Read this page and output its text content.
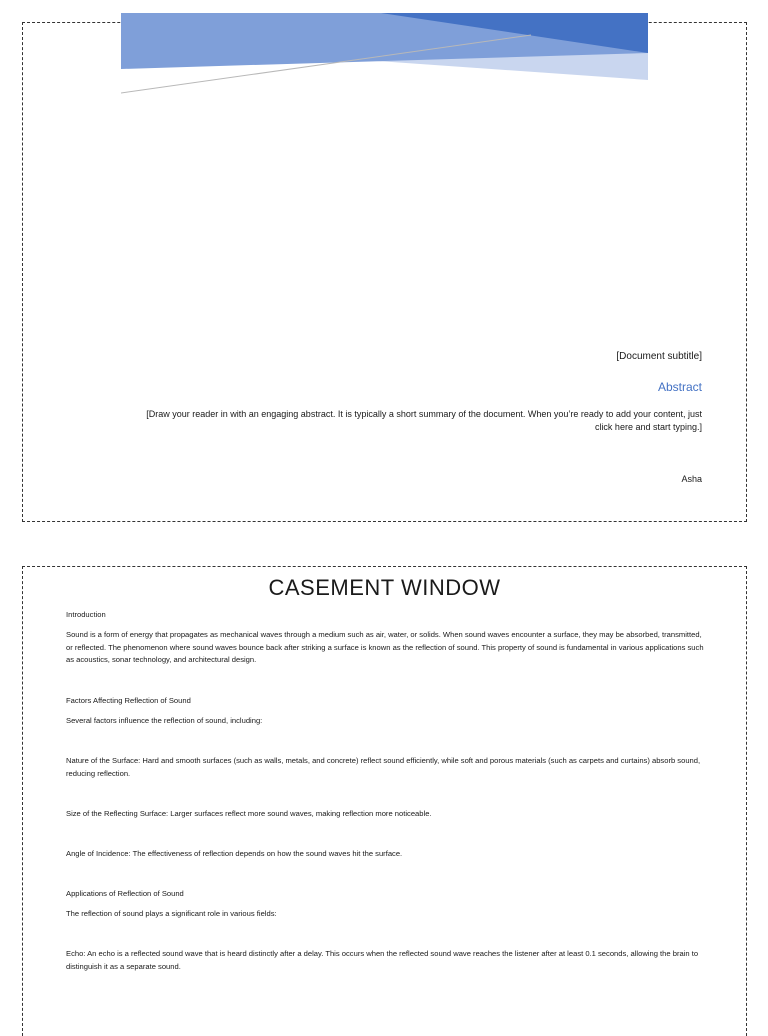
[Document subtitle]
Abstract
[Draw your reader in with an engaging abstract. It is typically a short summary of the document. When you’re ready to add your content, just click here and start typing.]
Asha
CASEMENT WINDOW
Introduction
Sound is a form of energy that propagates as mechanical waves through a medium such as air, water, or solids. When sound waves encounter a surface, they may be absorbed, transmitted, or reflected. The phenomenon where sound waves bounce back after striking a surface is known as the reflection of sound. This property of sound is fundamental in various applications such as acoustics, sonar technology, and architectural design.
Factors Affecting Reflection of Sound
Several factors influence the reflection of sound, including:
Nature of the Surface: Hard and smooth surfaces (such as walls, metals, and concrete) reflect sound efficiently, while soft and porous materials (such as carpets and curtains) absorb sound, reducing reflection.
Size of the Reflecting Surface: Larger surfaces reflect more sound waves, making reflection more noticeable.
Angle of Incidence: The effectiveness of reflection depends on how the sound waves hit the surface.
Applications of Reflection of Sound
The reflection of sound plays a significant role in various fields:
Echo: An echo is a reflected sound wave that is heard distinctly after a delay. This occurs when the reflected sound wave reaches the listener after at least 0.1 seconds, allowing the brain to distinguish it as a separate sound.
